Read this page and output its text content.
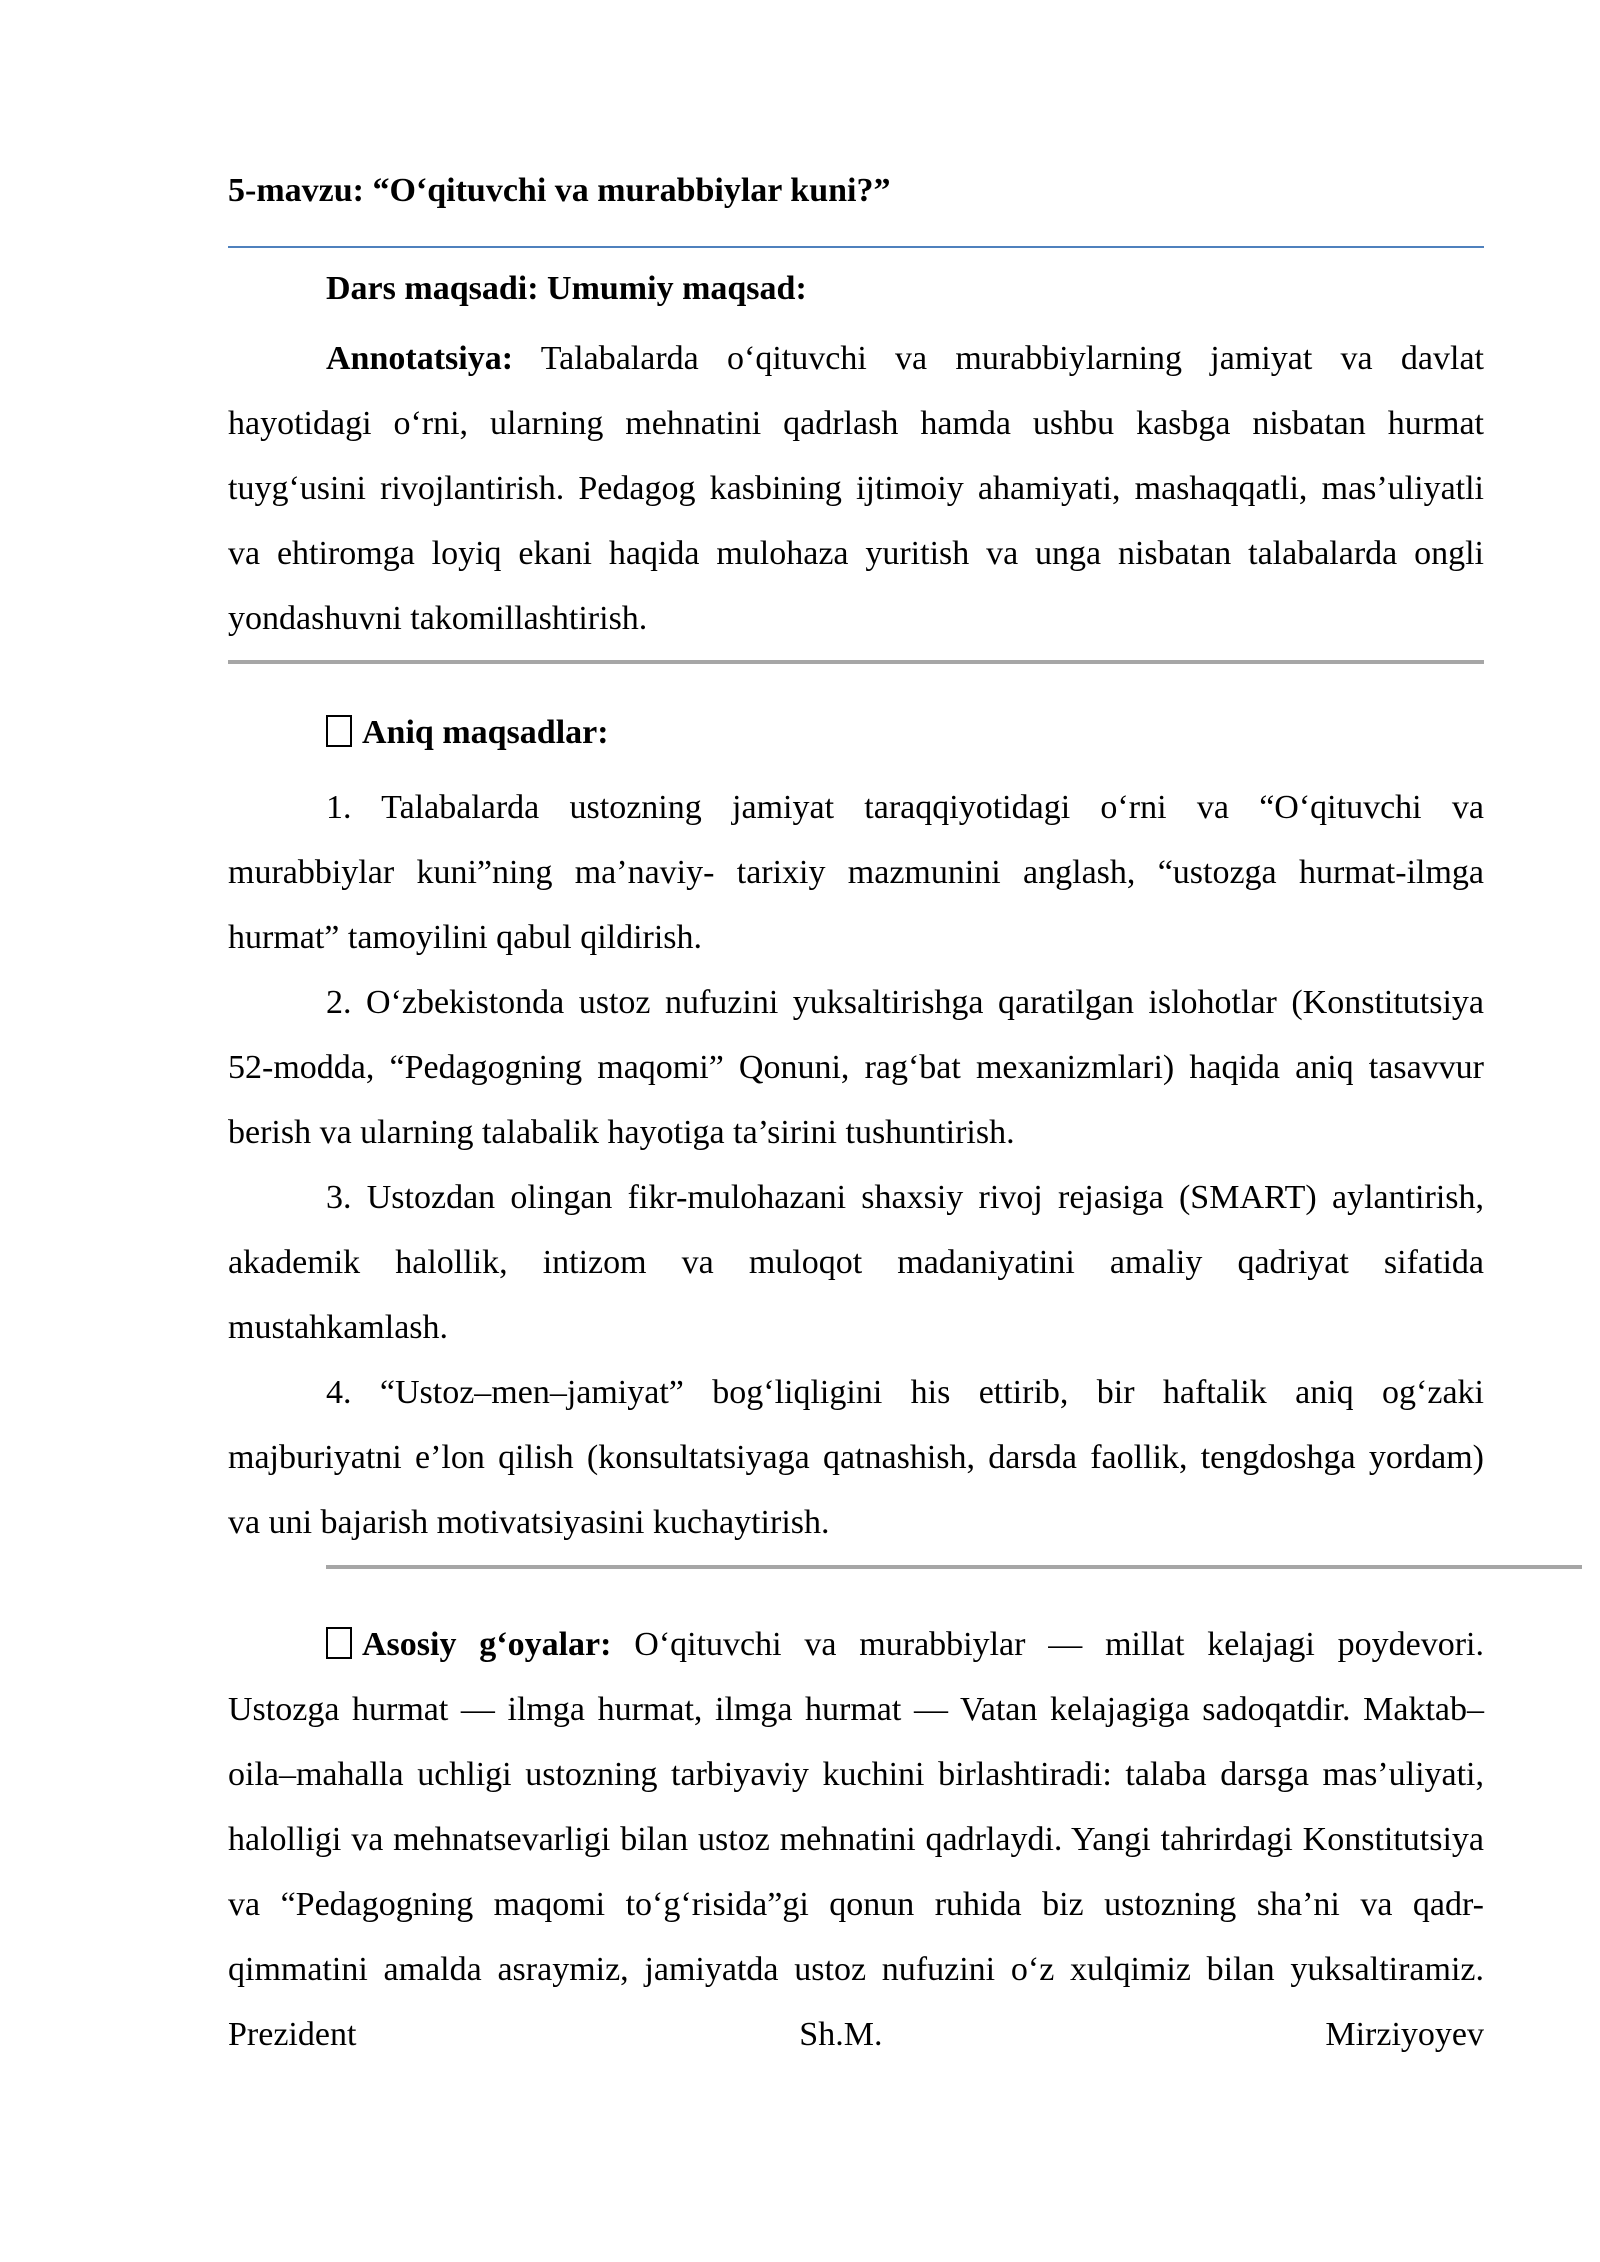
5-mavzu: “O‘qituvchi va murabbiylar kuni?”
Dars maqsadi: Umumiy maqsad:
Annotatsiya: Talabalarda o‘qituvchi va murabbiylarning jamiyat va davlat hayotidagi o‘rni, ularning mehnatini qadrlash hamda ushbu kasbga nisbatan hurmat tuyg‘usini rivojlantirish. Pedagog kasbining ijtimoiy ahamiyati, mashaqqatli, mas’uliyatli va ehtiromga loyiq ekani haqida mulohaza yuritish va unga nisbatan talabalarda ongli yondashuvni takomillashtirish.
Aniq maqsadlar:

1. Talabalarda ustozning jamiyat taraqqiyotidagi o‘rni va “O‘qituvchi va murabbiylar kuni”ning ma’naviy- tarixiy mazmunini anglash, “ustozga hurmat-ilmga hurmat” tamoyilini qabul qildirish.

2. O‘zbekistonda ustoz nufuzini yuksaltirishga qaratilgan islohotlar (Konstitutsiya 52-modda, “Pedagogning maqomi” Qonuni, rag‘bat mexanizmlari) haqida aniq tasavvur berish va ularning talabalik hayotiga ta’sirini tushuntirish.

3. Ustozdan olingan fikr-mulohazani shaxsiy rivoj rejasiga (SMART) aylantirish, akademik halollik, intizom va muloqot madaniyatini amaliy qadriyat sifatida mustahkamlash.

4. “Ustoz–men–jamiyat” bog‘liqligini his ettirib, bir haftalik aniq og‘zaki majburiyatni e’lon qilish (konsultatsiyaga qatnashish, darsda faollik, tengdoshga yordam) va uni bajarish motivatsiyasini kuchaytirish.

Asosiy g‘oyalar: O‘qituvchi va murabbiylar — millat kelajagi poydevori. Ustozga hurmat — ilmga hurmat, ilmga hurmat — Vatan kelajagiga sadoqatdir. Maktab–oila–mahalla uchligi ustozning tarbiyaviy kuchini birlashtiradi: talaba darsga mas’uliyati, halolligi va mehnatsevarligi bilan ustoz mehnatini qadrlaydi. Yangi tahrirdagi Konstitutsiya va “Pedagogning maqomi to‘g‘risida”gi qonun ruhida biz ustozning sha’ni va qadr-qimmatini amalda asraymiz, jamiyatda ustoz nufuzini o‘z xulqimiz bilan yuksaltiramiz. Prezident Sh.M. Mirziyoyev
